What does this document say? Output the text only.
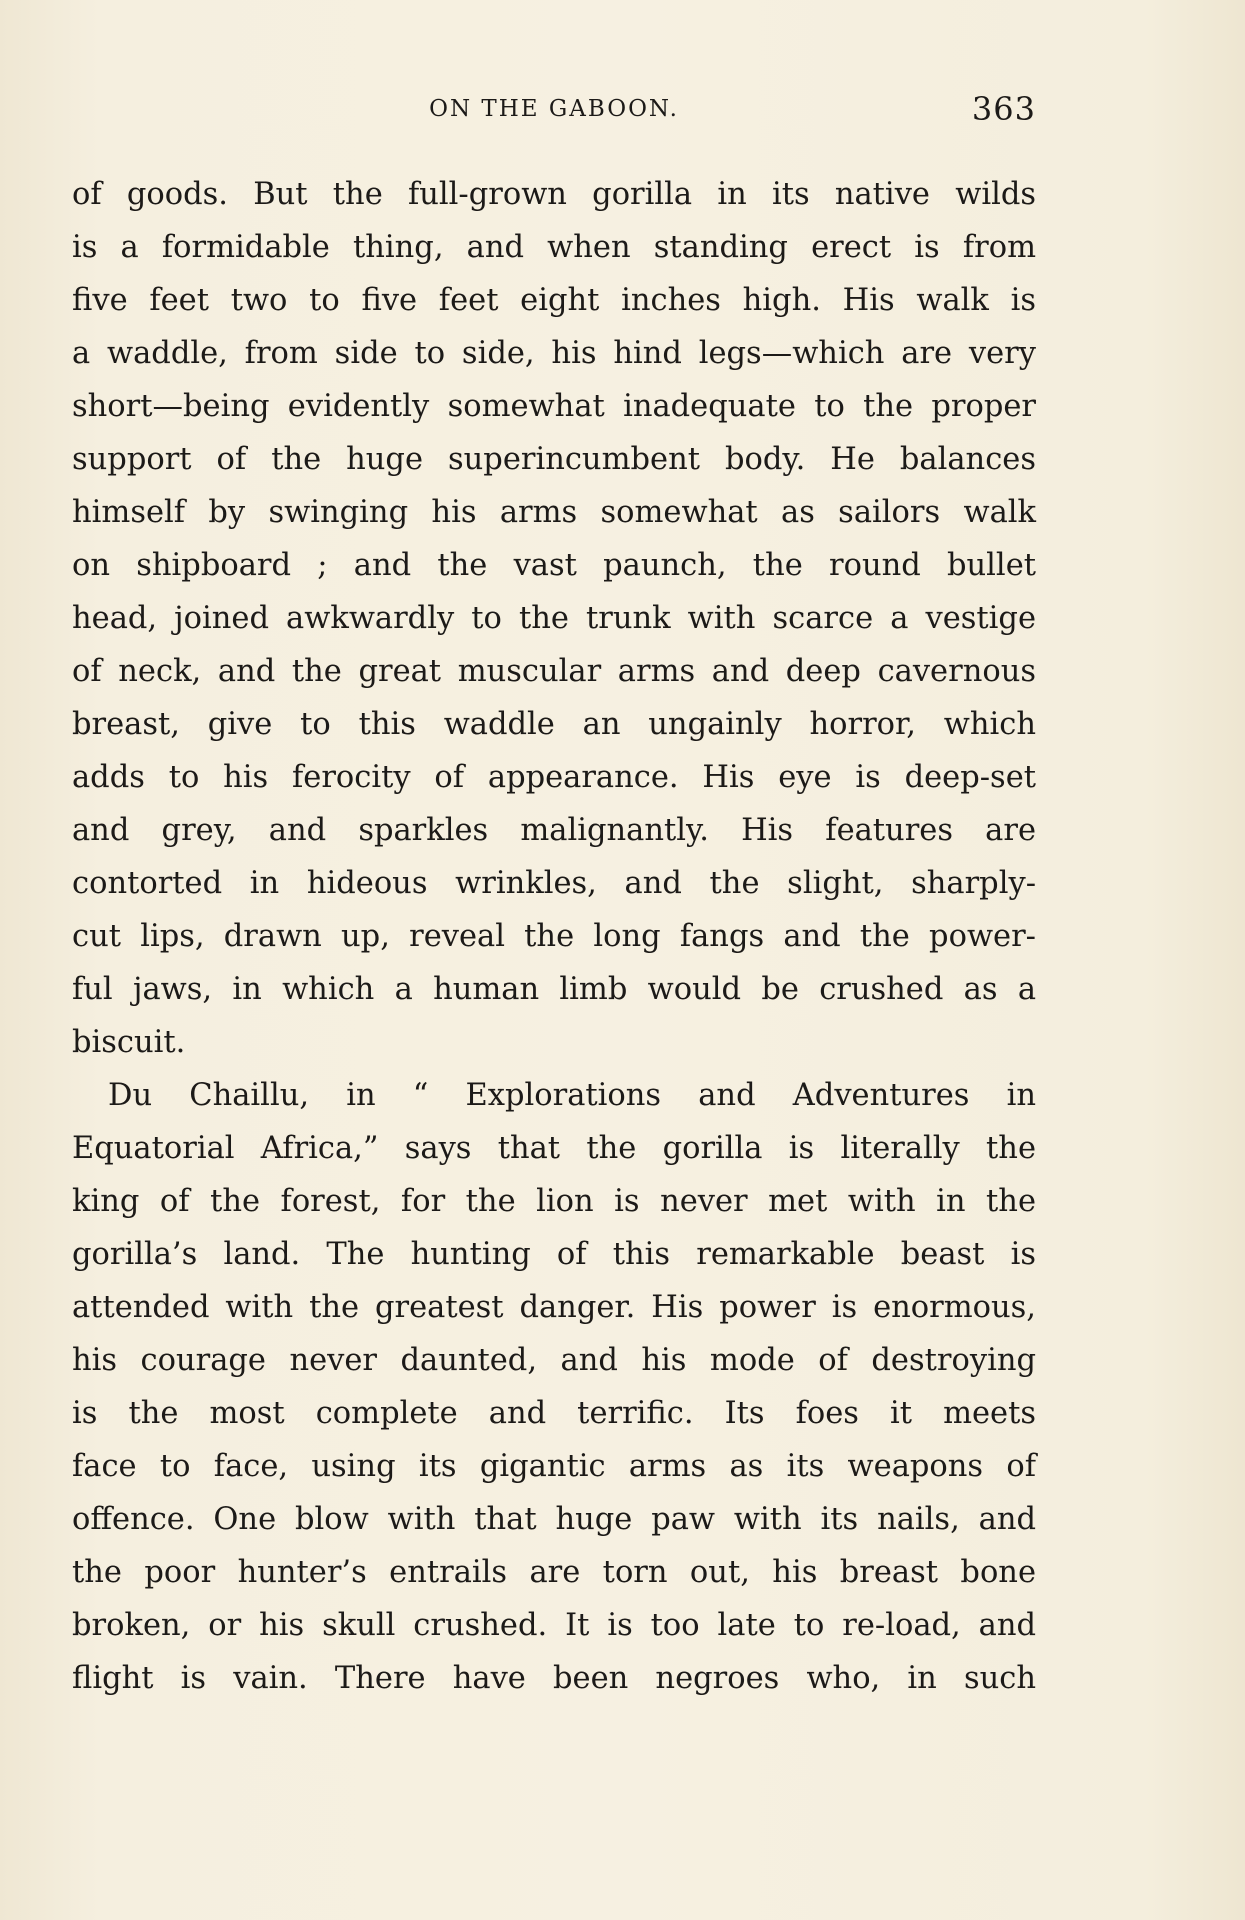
ON THE GABOON.	363
of goods. But the full-grown gorilla in its native wilds
is a formidable thing, and when standing erect is from
five feet two to five feet eight inches high. His walk is
a waddle, from side to side, his hind legs—which are very
short—being evidently somewhat inadequate to the proper
support of the huge superincumbent body. He balances
himself by swinging his arms somewhat as sailors walk
on shipboard ; and the vast paunch, the round bullet
head, joined awkwardly to the trunk with scarce a vestige
of neck, and the great muscular arms and deep cavernous
breast, give to this waddle an ungainly horror, which
adds to his ferocity of appearance. His eye is deep-set
and grey, and sparkles malignantly. His features are
contorted in hideous wrinkles, and the slight, sharply-
cut lips, drawn up, reveal the long fangs and the power-
ful jaws, in which a human limb would be crushed as a
biscuit.
Du Chaillu, in “ Explorations and Adventures in
Equatorial Africa,” says that the gorilla is literally the
king of the forest, for the lion is never met with in the
gorilla’s land. The hunting of this remarkable beast is
attended with the greatest danger. His power is enormous,
his courage never daunted, and his mode of destroying
is the most complete and terrific. Its foes it meets
face to face, using its gigantic arms as its weapons of
offence. One blow with that huge paw with its nails, and
the poor hunter’s entrails are torn out, his breast bone
broken, or his skull crushed. It is too late to re-load, and
flight is vain. There have been negroes who, in such
